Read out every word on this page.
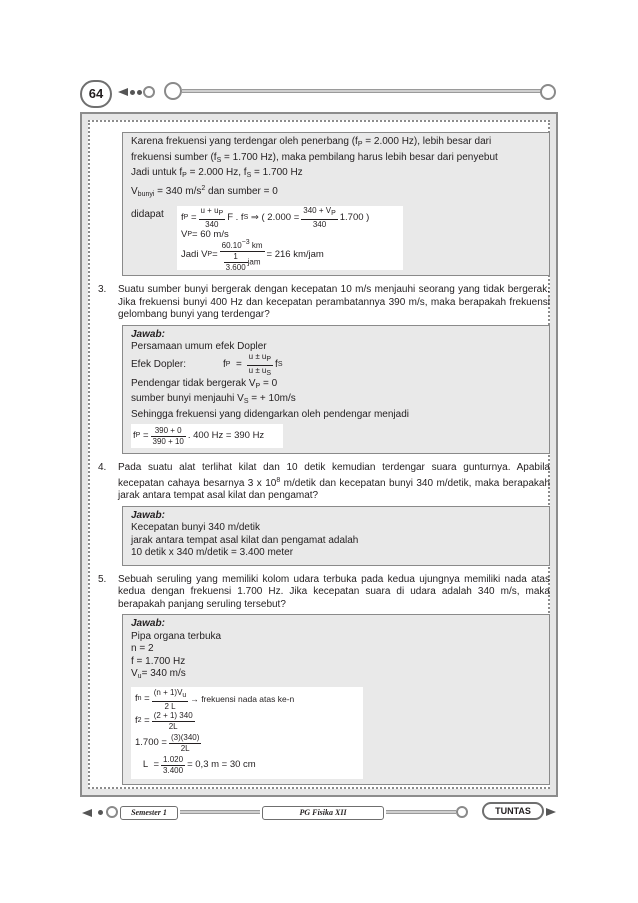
64

Karena frekuensi yang terdengar oleh penerbang ($f_P = 2.000$ Hz), lebih besar dari

frekuensi sumber ($f_S = 1.700$ Hz), maka pembilang harus lebih besar dari penyebut

Jadi untuk $f_P = 2.000$ Hz, $f_S = 1.700$ Hz

$V_{bunyi} = 340$ $m/s^2$ dan sumber = 0

didapat	f $P = \frac{u + u_P}{340}$ F . f S
⇒ ( $2.000 = \frac{340 + V_P}{340} 1.700$ )
V P = 60 m/s
Jadi V $P = \frac{60.10^{-3} km}{\frac{1}{3.600} jam} = 216$ km/jam
3. Suatu sumber bunyi bergerak dengan kecepatan 10 m/s menjauhi seorang yang tidak bergerak. Jika frekuensi bunyi 400 Hz dan kecepatan perambatannya 390 m/s, maka berapakah frekuensi gelombang bunyi yang terdengar?

Jawab:

Persamaan umum efek Dopler

Efek Dopler:	f $P = \frac{u \pm u_P}{u \pm u_S}$ f S

Pendengar tidak bergerak $V_P = 0$

sumber bunyi menjauhi $V_S$ = + 10m/s

Sehingga frekuensi yang didengarkan oleh pendengar menjadi

f $P = \frac{390 + 0}{390 + 10}$ . 400 Hz = 390 Hz
4. Pada suatu alat terlihat kilat dan 10 detik kemudian terdengar suara gunturnya. Apabila kecepatan cahaya besarnya 3 x $10^8$ m/detik dan kecepatan bunyi 340 m/detik, maka berapakah jarak antara tempat asal kilat dan pengamat?

Jawab:

Kecepatan bunyi 340 m/detik

jarak antara tempat asal kilat dan pengamat adalah

10 detik x 340 m/detik = 3.400 meter

5. Sebuah seruling yang memiliki kolom udara terbuka pada kedua ujungnya memiliki nada atas kedua dengan frekuensi 1.700 Hz. Jika kecepatan suara di udara adalah 340 m/s, maka berapakah panjang seruling tersebut?

Jawab:

Pipa organa terbuka

n = 2

f = 1.700 Hz

$V_u= 340$ m/s

f $n = \frac{(n + 1)V_u}{2 L}$ → frekuensi nada atas ke-n
f $2 = \frac{(2 + 1) 340}{2L}$
$1.700 = \frac{(3)(340)}{2L}$

$L = \frac{1.020}{3.400} = 0,3$ m = 30 cm
Semester 1	PG Fisika XII	TUNTAS
